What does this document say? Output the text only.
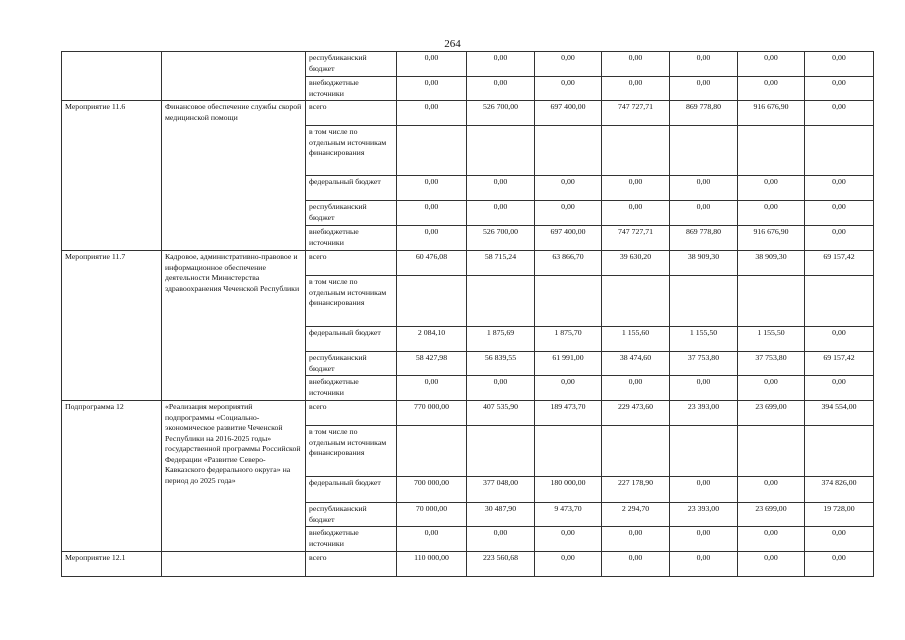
264
		республиканский бюджет	0,00	0,00	0,00	0,00	0,00	0,00	0,00
		внебюджетные источники	0,00	0,00	0,00	0,00	0,00	0,00	0,00
Мероприятие 11.6	Финансовое обеспечение службы скорой медицинской помощи	всего	0,00	526 700,00	697 400,00	747 727,71	869 778,80	916 676,90	0,00
		в том числе по отдельным источникам финансирования							
		федеральный бюджет	0,00	0,00	0,00	0,00	0,00	0,00	0,00
		республиканский бюджет	0,00	0,00	0,00	0,00	0,00	0,00	0,00
		внебюджетные источники	0,00	526 700,00	697 400,00	747 727,71	869 778,80	916 676,90	0,00
Мероприятие 11.7	Кадровое, административно-правовое и информационное обеспечение деятельности Министерства здравоохранения Чеченской Республики	всего	60 476,08	58 715,24	63 866,70	39 630,20	38 909,30	38 909,30	69 157,42
		в том числе по отдельным источникам финансирования							
		федеральный бюджет	2 084,10	1 875,69	1 875,70	1 155,60	1 155,50	1 155,50	0,00
		республиканский бюджет	58 427,98	56 839,55	61 991,00	38 474,60	37 753,80	37 753,80	69 157,42
		внебюджетные источники	0,00	0,00	0,00	0,00	0,00	0,00	0,00
Подпрограмма 12	«Реализация мероприятий подпрограммы «Социально-экономическое развитие Чеченской Республики на 2016-2025 годы» государственной программы Российской Федерации «Развитие Северо-Кавказского федерального округа» на период до 2025 года»	всего	770 000,00	407 535,90	189 473,70	229 473,60	23 393,00	23 699,00	394 554,00
		в том числе по отдельным источникам финансирования							
		федеральный бюджет	700 000,00	377 048,00	180 000,00	227 178,90	0,00	0,00	374 826,00
		республиканский бюджет	70 000,00	30 487,90	9 473,70	2 294,70	23 393,00	23 699,00	19 728,00
		внебюджетные источники	0,00	0,00	0,00	0,00	0,00	0,00	0,00
Мероприятие 12.1		всего	110 000,00	223 560,68	0,00	0,00	0,00	0,00	0,00
